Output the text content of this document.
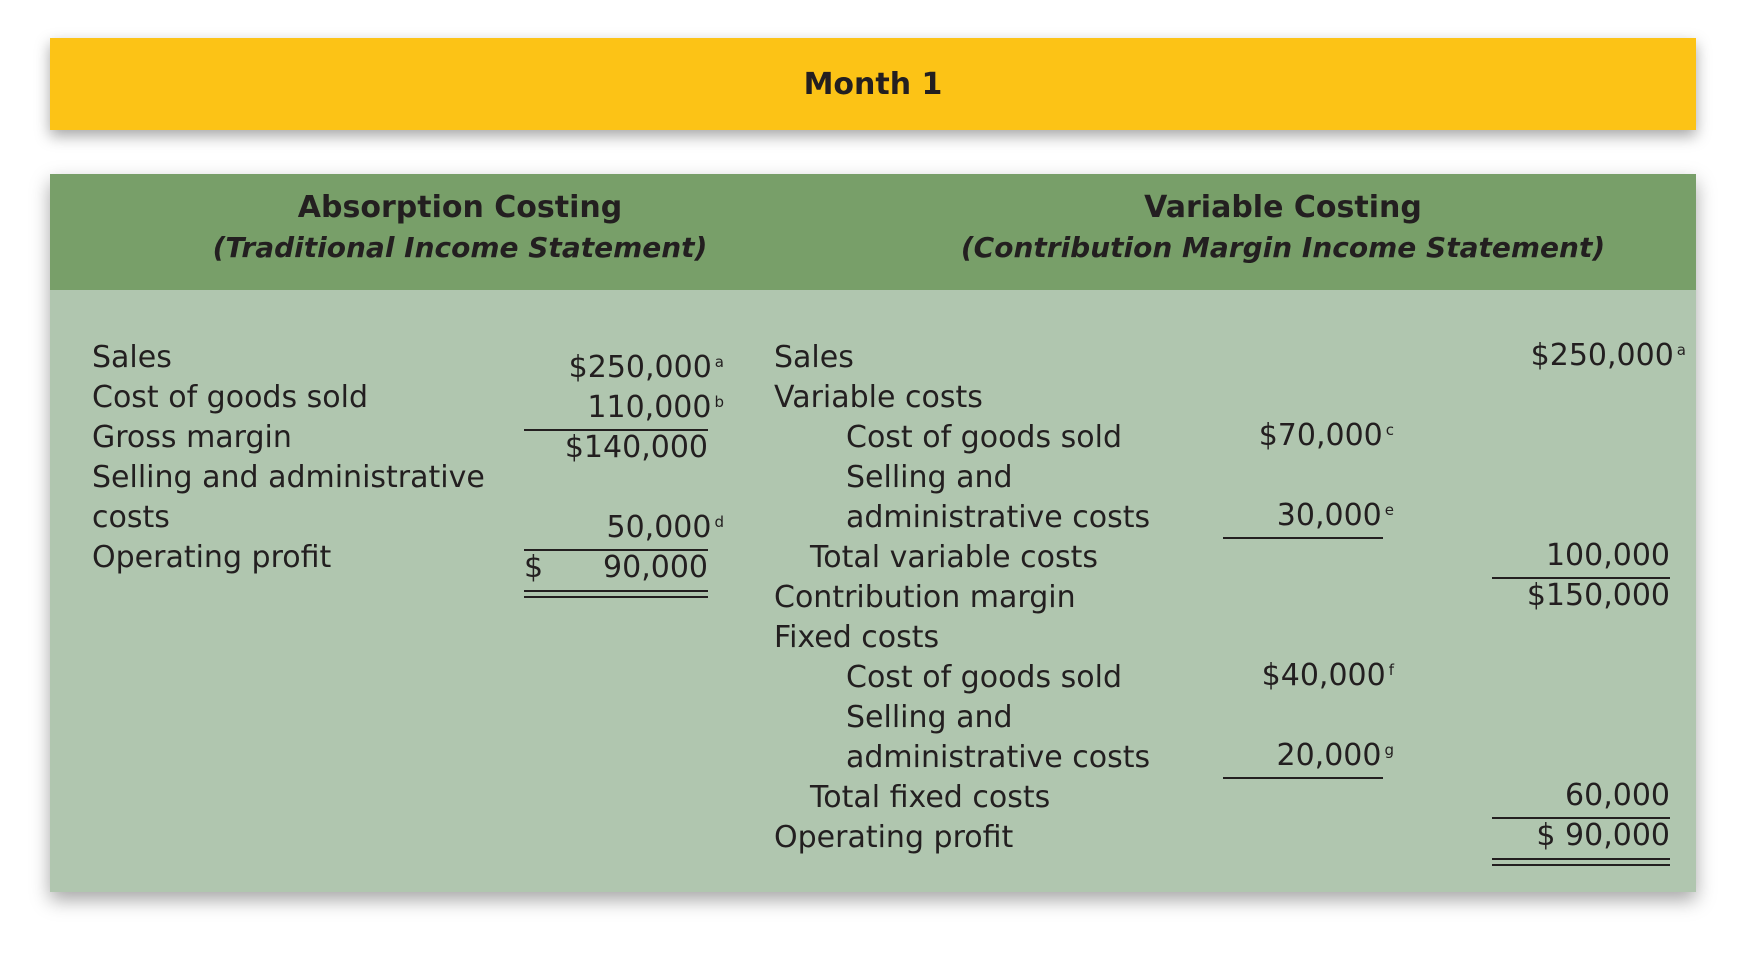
Month 1
Absorption Costing
(Traditional Income Statement)
Variable Costing
(Contribution Margin Income Statement)
Sales	$250,000 $^a$
Cost of goods sold	110,000 $^b$
Gross margin	$140,000
Selling and administrative
costs	50,000 $^d$
Operating profit	$	90,000
Sales	$250,000 $^a$
Variable costs
Cost of goods sold	$70,000 $^c$
Selling and
administrative costs	30,000 $^e$
Total variable costs	100,000
Contribution margin	$150,000
Fixed costs
Cost of goods sold	$40,000 $^f$
Selling and
administrative costs	20,000 $^g$
Total fixed costs	60,000
Operating profit	$ 90,000
